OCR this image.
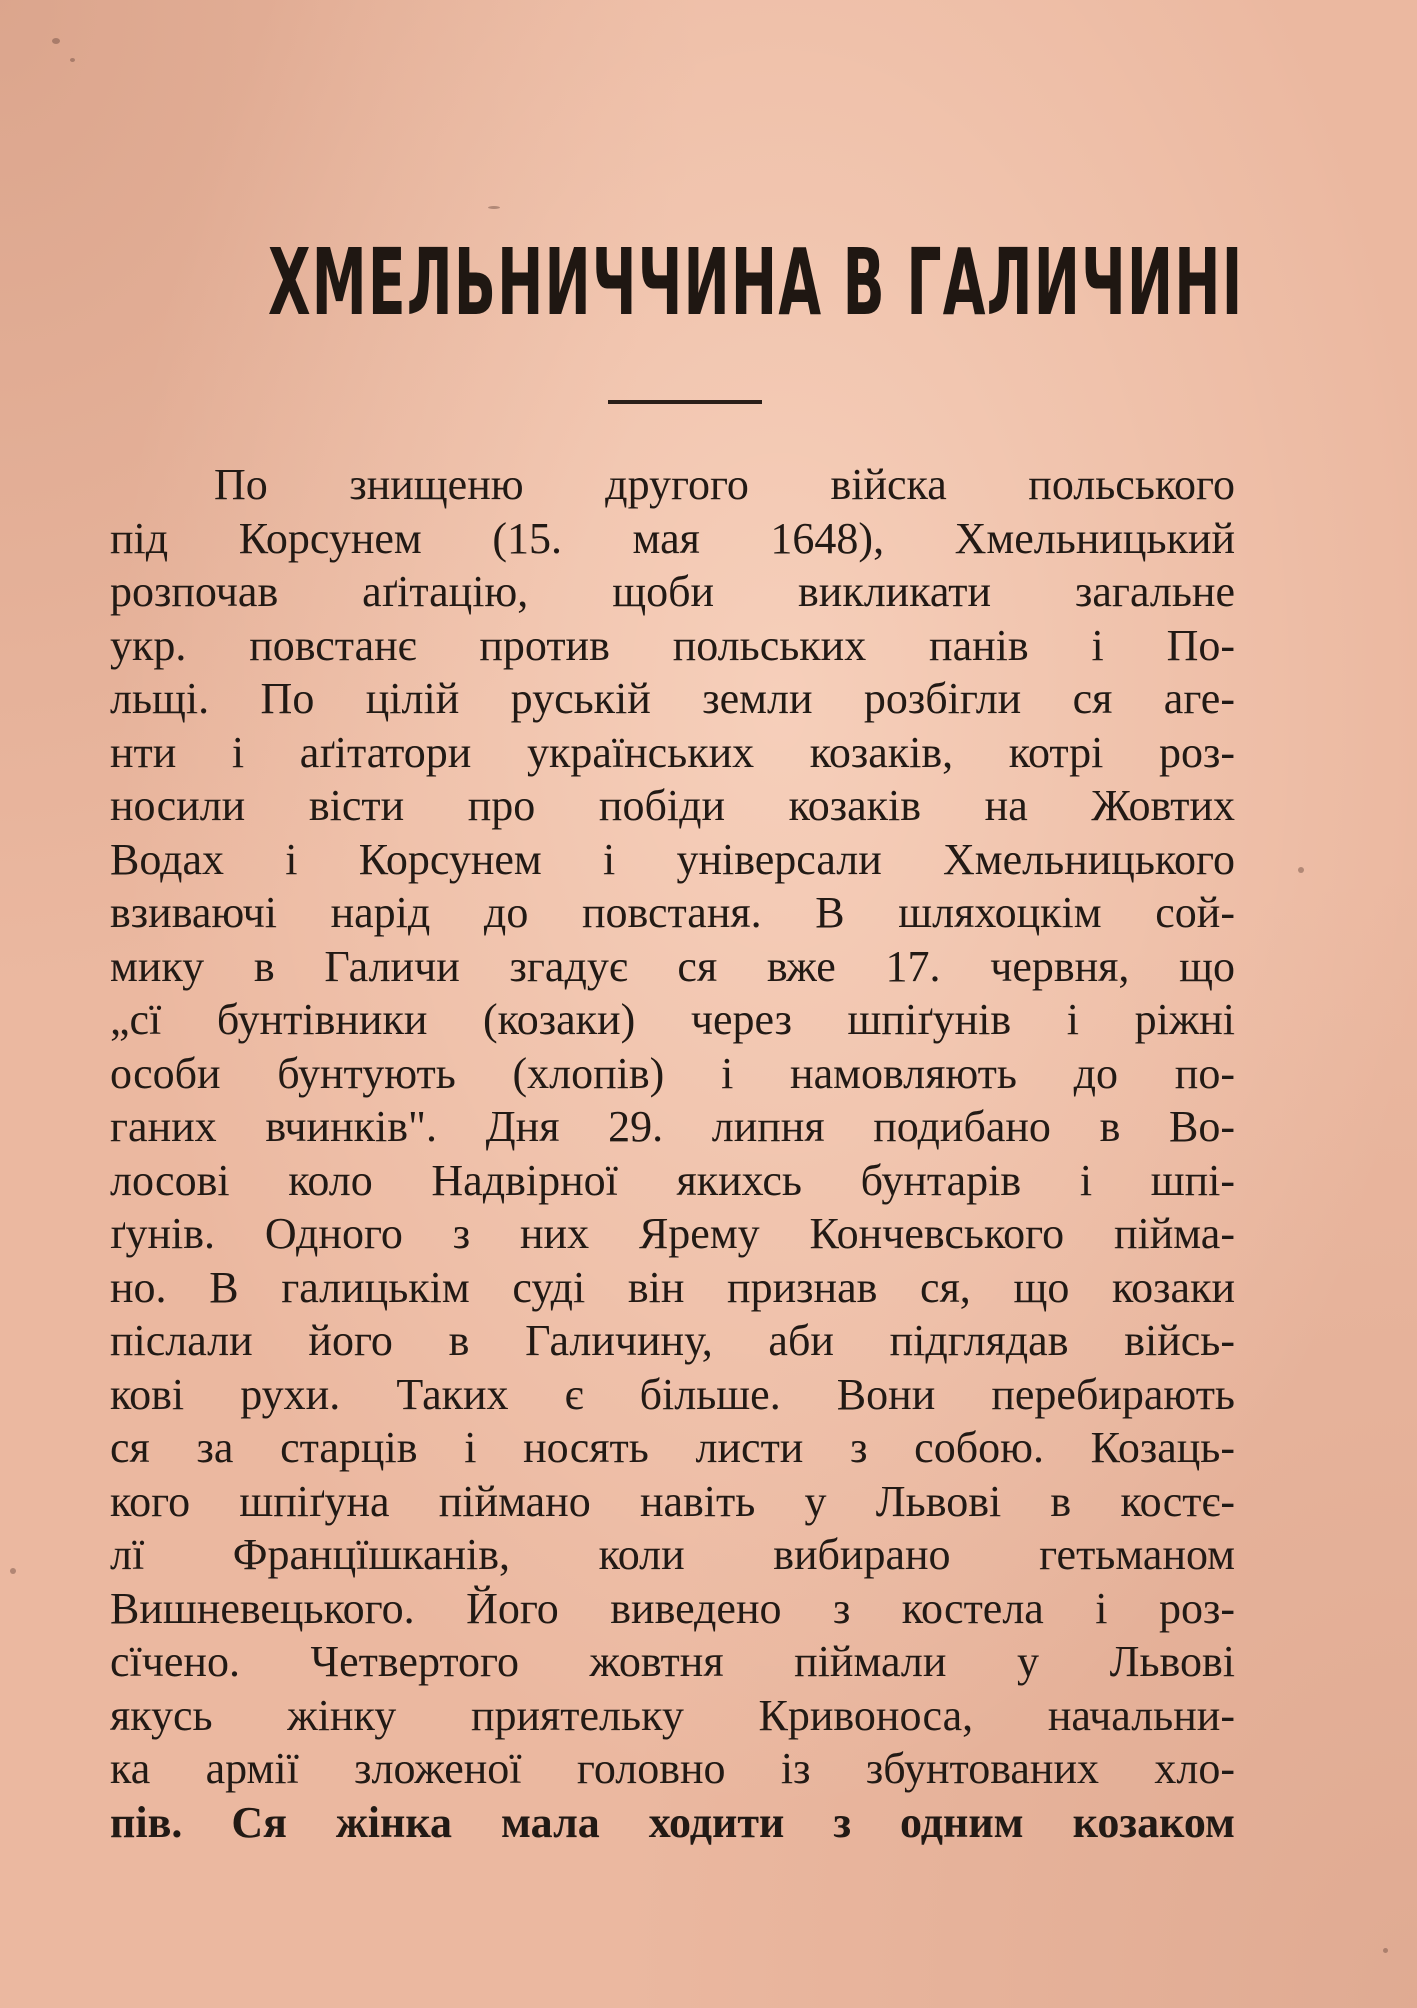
ХМЕЛЬНИЧЧИНА В ГАЛИЧИНІ
По знищеню другого війска польського
під Корсунем (15. мая 1648), Хмельницький
розпочав аґітацію, щоби викликати загальне
укр. повстанє против польських панів і По-
льщі. По цілій руській земли розбігли ся аге-
нти і аґітатори українських козаків, котрі роз-
носили вісти про побіди козаків на Жовтих
Водах і Корсунем і універсали Хмельницького
взиваючі нарід до повстаня. В шляхоцкім сой-
мику в Галичи згадує ся вже 17. червня, що
„сї бунтівники (козаки) через шпіґунів і ріжні
особи бунтують (хлопів) і намовляють до по-
ганих вчинків". Дня 29. липня подибано в Во-
лосові коло Надвірної якихсь бунтарів і шпі-
ґунів. Одного з них Ярему Кончевського пійма-
но. В галицькім суді він признав ся, що козаки
післали його в Галичину, аби підглядав війсь-
кові рухи. Таких є більше. Вони перебирають
ся за старців і носять листи з собою. Козаць-
кого шпіґуна піймано навіть у Львові в костє-
лї Францїшканів, коли вибирано гетьманом
Вишневецького. Його виведено з костела і роз-
сїчено. Четвертого жовтня піймали у Львові
якусь жінку приятельку Кривоноса, начальни-
ка армії зложеної головно із збунтованих хло-
пів. Ся жінка мала ходити з одним козаком
